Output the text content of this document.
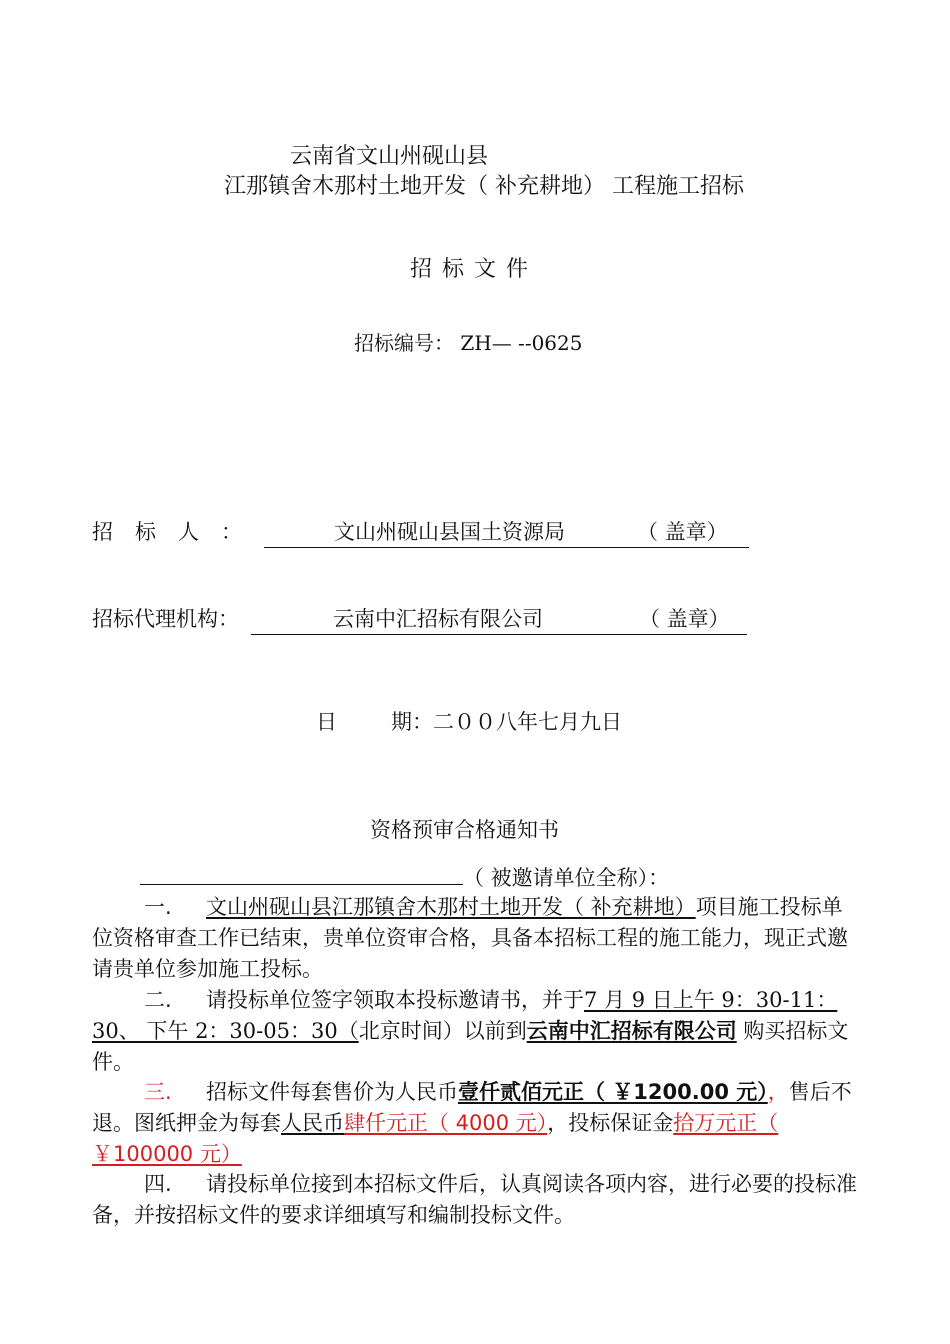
云南省文山州砚山县
江那镇舍木那村土地开发（ 补充耕地） 工程施工招标
招标文件
招标编号： ZH— --0625
招 标 人 ：	文山州砚山县国土资源局	（ 盖章）
招标代理机构：	云南中汇招标有限公司	（ 盖章）
日	期：二００八年七月九日
资格预审合格通知书
（ 被邀请单位全称）：
一. 文山州砚山县江那镇舍木那村土地开发（ 补充耕地）项目施工投标单位资格审查工作已结束，贵单位资审合格，具备本招标工程的施工能力，现正式邀请贵单位参加施工投标。
二. 请投标单位签字领取本投标邀请书，并于7 月 9 日上午 9：30-11：30、 下午 2：30-05：30（北京时间）以前到云南中汇招标有限公司 购买招标文件。
三. 招标文件每套售价为人民币壹仟贰佰元正（ ￥1200.00 元），售后不退。图纸押金为每套人民币肆仟元正（ 4000 元），投标保证金拾万元正（ ￥100000 元）
四. 请投标单位接到本招标文件后，认真阅读各项内容，进行必要的投标准备，并按招标文件的要求详细填写和编制投标文件。
